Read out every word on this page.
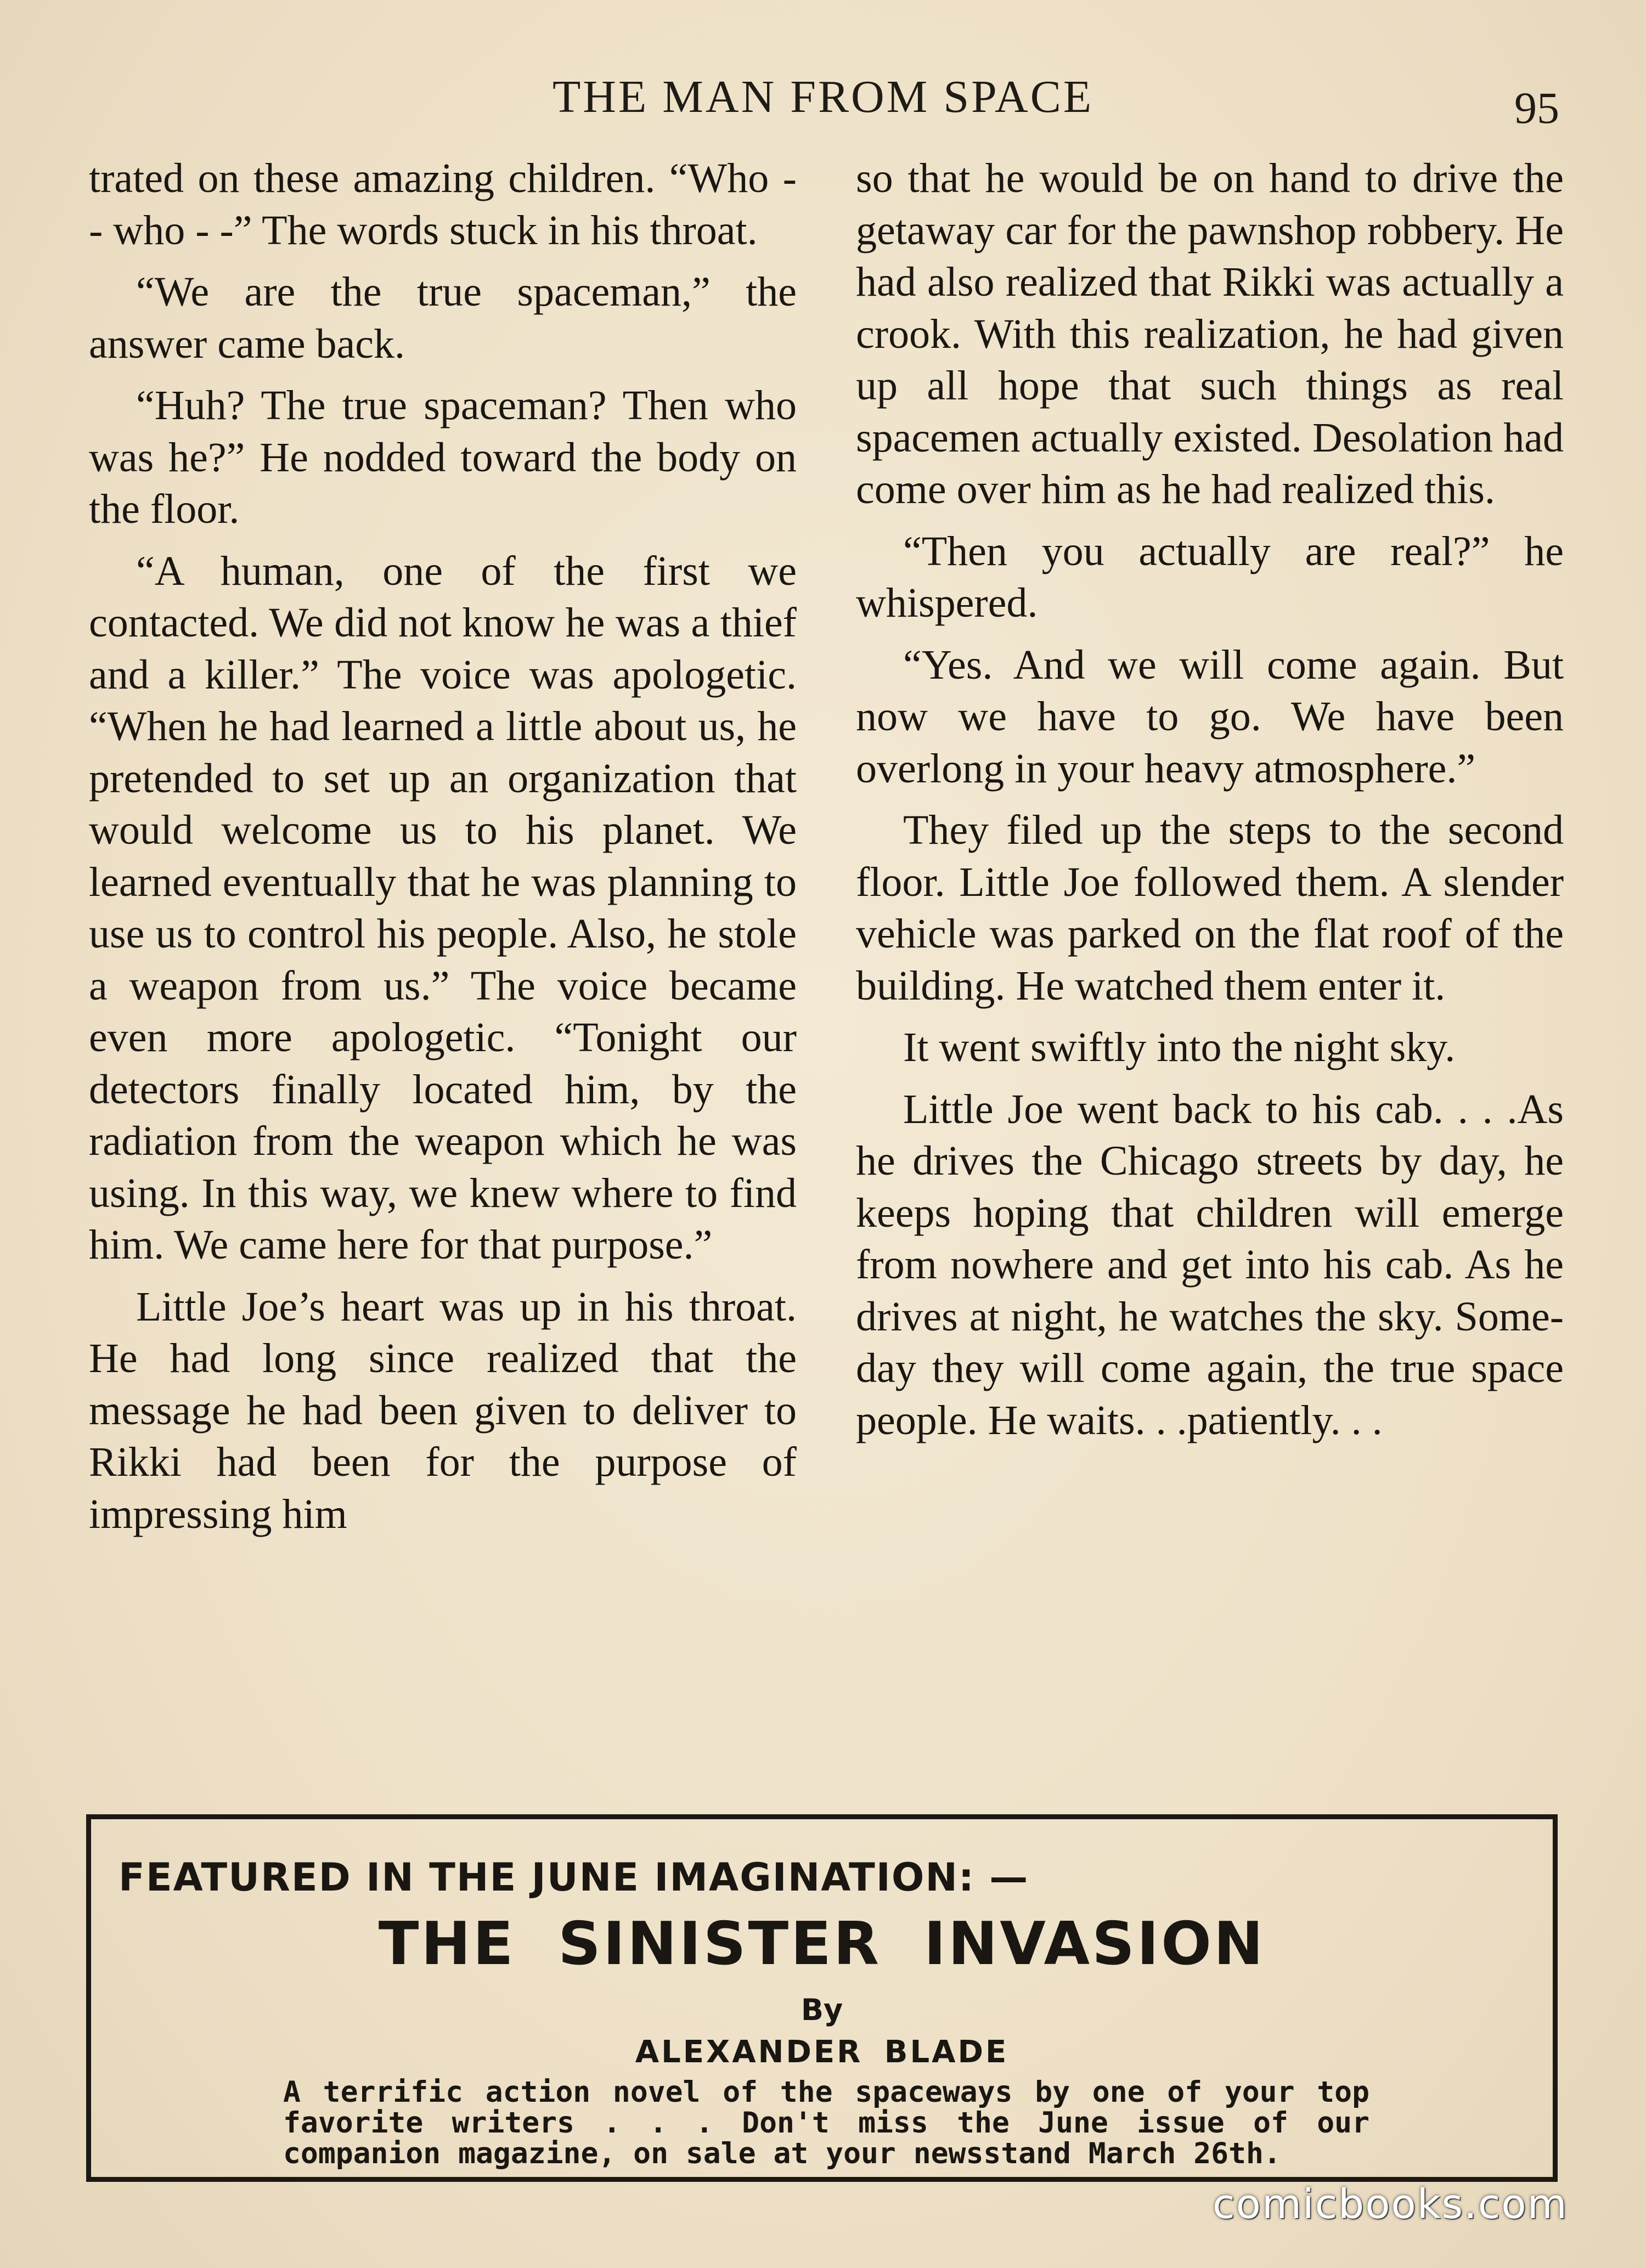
THE MAN FROM SPACE	95

trated on these amazing children. “Who - - who - -” The words stuck in his throat.

“We are the true spaceman,” the answer came back.

“Huh? The true spaceman? Then who was he?” He nodded toward the body on the floor.

“A human, one of the first we contacted. We did not know he was a thief and a killer.” The voice was apologetic. “When he had learned a little about us, he pretended to set up an organization that would welcome us to his planet. We learned eventually that he was planning to use us to control his people. Also, he stole a weapon from us.” The voice became even more apologetic. “Tonight our detectors finally located him, by the radiation from the weapon which he was using. In this way, we knew where to find him. We came here for that purpose.”

Little Joe’s heart was up in his throat. He had long since realized that the message he had been given to deliver to Rikki had been for the purpose of impressing him

so that he would be on hand to drive the getaway car for the pawnshop robbery. He had also realized that Rikki was actually a crook. With this realization, he had given up all hope that such things as real spacemen actually existed. Desolation had come over him as he had realized this.

“Then you actually are real?” he whispered.

“Yes. And we will come again. But now we have to go. We have been overlong in your heavy atmosphere.”

They filed up the steps to the second floor. Little Joe followed them. A slender vehicle was parked on the flat roof of the building. He watched them enter it.

It went swiftly into the night sky.

Little Joe went back to his cab. . . .As he drives the Chicago streets by day, he keeps hoping that children will emerge from nowhere and get into his cab. As he drives at night, he watches the sky. Someday they will come again, the true space people. He waits. . .patiently. . .

FEATURED IN THE JUNE IMAGINATION: —
THE SINISTER INVASION
By
ALEXANDER BLADE
A terrific action novel of the spaceways by one of your top favorite writers . . . Don't miss the June issue of our companion magazine, on sale at your newsstand March 26th.
comicbooks.com
